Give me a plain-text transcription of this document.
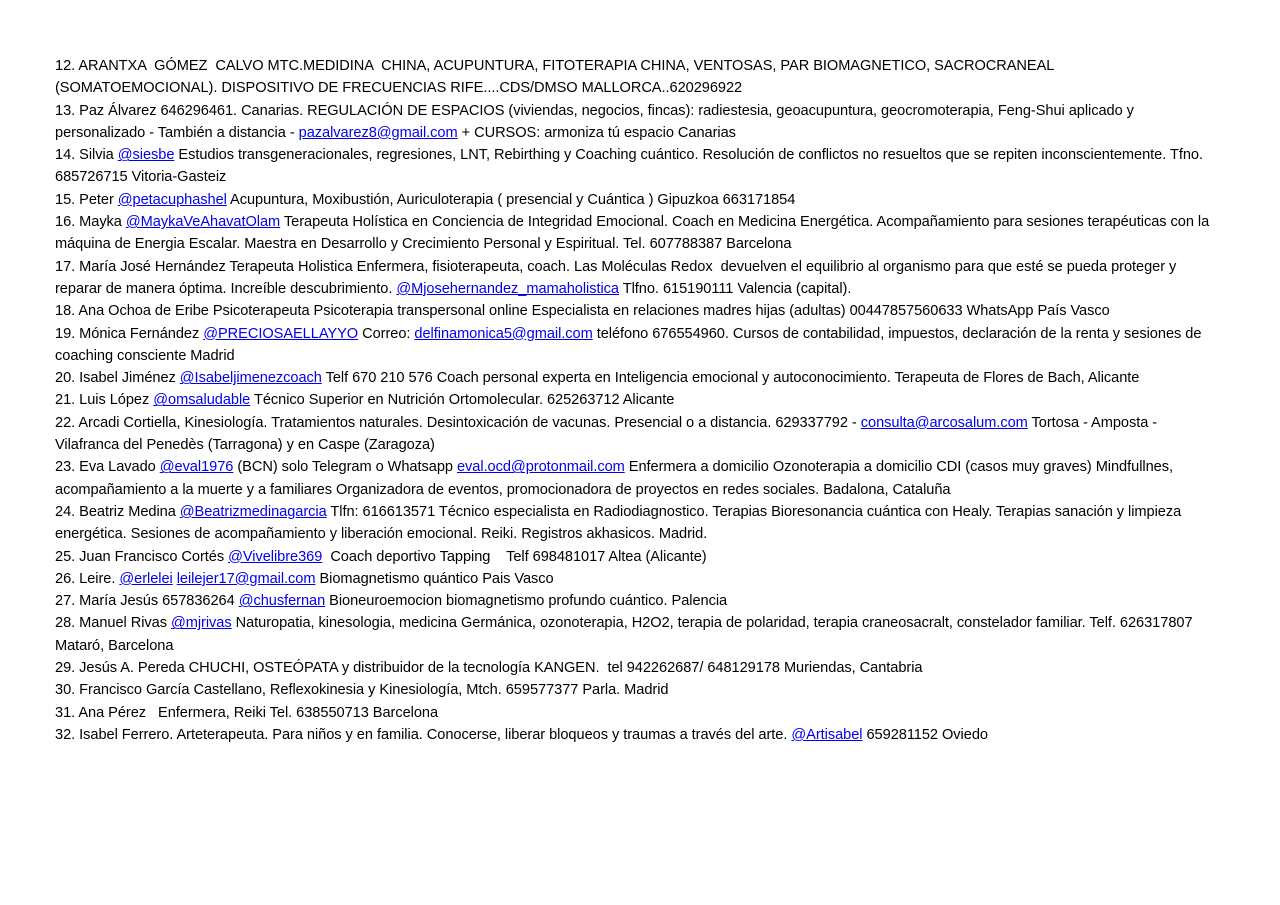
12. ARANTXA  GÓMEZ  CALVO MTC.MEDIDINA  CHINA, ACUPUNTURA, FITOTERAPIA CHINA, VENTOSAS, PAR BIOMAGNETICO, SACROCRANEAL (SOMATOEMOCIONAL). DISPOSITIVO DE FRECUENCIAS RIFE....CDS/DMSO MALLORCA..620296922

13. Paz Álvarez 646296461. Canarias. REGULACIÓN DE ESPACIOS (viviendas, negocios, fincas): radiestesia, geoacupuntura, geocromoterapia, Feng-Shui aplicado y personalizado - También a distancia - pazalvarez8@gmail.com + CURSOS: armoniza tú espacio Canarias

14. Silvia @siesbe Estudios transgeneracionales, regresiones, LNT, Rebirthing y Coaching cuántico. Resolución de conflictos no resueltos que se repiten inconscientemente. Tfno. 685726715 Vitoria-Gasteiz

15. Peter @petacuphashel Acupuntura, Moxibustión, Auriculoterapia ( presencial y Cuántica ) Gipuzkoa 663171854

16. Mayka @MaykaVeAhavatOlam Terapeuta Holística en Conciencia de Integridad Emocional. Coach en Medicina Energética. Acompañamiento para sesiones terapéuticas con la máquina de Energia Escalar. Maestra en Desarrollo y Crecimiento Personal y Espiritual. Tel. 607788387 Barcelona

17. María José Hernández Terapeuta Holistica Enfermera, fisioterapeuta, coach. Las Moléculas Redox  devuelven el equilibrio al organismo para que esté se pueda proteger y reparar de manera óptima. Increíble descubrimiento. @Mjosehernandez_mamaholistica Tlfno. 615190111 Valencia (capital).

18. Ana Ochoa de Eribe Psicoterapeuta Psicoterapia transpersonal online Especialista en relaciones madres hijas (adultas) 00447857560633 WhatsApp País Vasco

19. Mónica Fernández @PRECIOSAELLAYYO Correo: delfinamonica5@gmail.com teléfono 676554960. Cursos de contabilidad, impuestos, declaración de la renta y sesiones de coaching consciente Madrid

20. Isabel Jiménez @Isabeljimenezcoach Telf 670 210 576 Coach personal experta en Inteligencia emocional y autoconocimiento. Terapeuta de Flores de Bach, Alicante

21. Luis López @omsaludable Técnico Superior en Nutrición Ortomolecular. 625263712 Alicante

22. Arcadi Cortiella, Kinesiología. Tratamientos naturales. Desintoxicación de vacunas. Presencial o a distancia. 629337792 - consulta@arcosalum.com Tortosa - Amposta - Vilafranca del Penedès (Tarragona) y en Caspe (Zaragoza)

23. Eva Lavado @eval1976 (BCN) solo Telegram o Whatsapp eval.ocd@protonmail.com Enfermera a domicilio Ozonoterapia a domicilio CDI (casos muy graves) Mindfullnes, acompañamiento a la muerte y a familiares Organizadora de eventos, promocionadora de proyectos en redes sociales. Badalona, Cataluña

24. Beatriz Medina @Beatrizmedinagarcia Tlfn: 616613571 Técnico especialista en Radiodiagnostico. Terapias Bioresonancia cuántica con Healy. Terapias sanación y limpieza energética. Sesiones de acompañamiento y liberación emocional. Reiki. Registros akhasicos. Madrid.

25. Juan Francisco Cortés @Vivelibre369  Coach deportivo Tapping    Telf 698481017 Altea (Alicante)

26. Leire. @erlelei leilejer17@gmail.com Biomagnetismo quántico Pais Vasco

27. María Jesús 657836264 @chusfernan Bioneuroemocion biomagnetismo profundo cuántico. Palencia

28. Manuel Rivas @mjrivas Naturopatia, kinesologia, medicina Germánica, ozonoterapia, H2O2, terapia de polaridad, terapia craneosacralt, constelador familiar. Telf. 626317807 Mataró, Barcelona

29. Jesús A. Pereda CHUCHI, OSTEÓPATA y distribuidor de la tecnología KANGEN.  tel 942262687/ 648129178 Muriendas, Cantabria

30. Francisco García Castellano, Reflexokinesia y Kinesiología, Mtch. 659577377 Parla. Madrid

31. Ana Pérez   Enfermera, Reiki Tel. 638550713 Barcelona

32. Isabel Ferrero. Arteterapeuta. Para niños y en familia. Conocerse, liberar bloqueos y traumas a través del arte. @Artisabel 659281152 Oviedo
